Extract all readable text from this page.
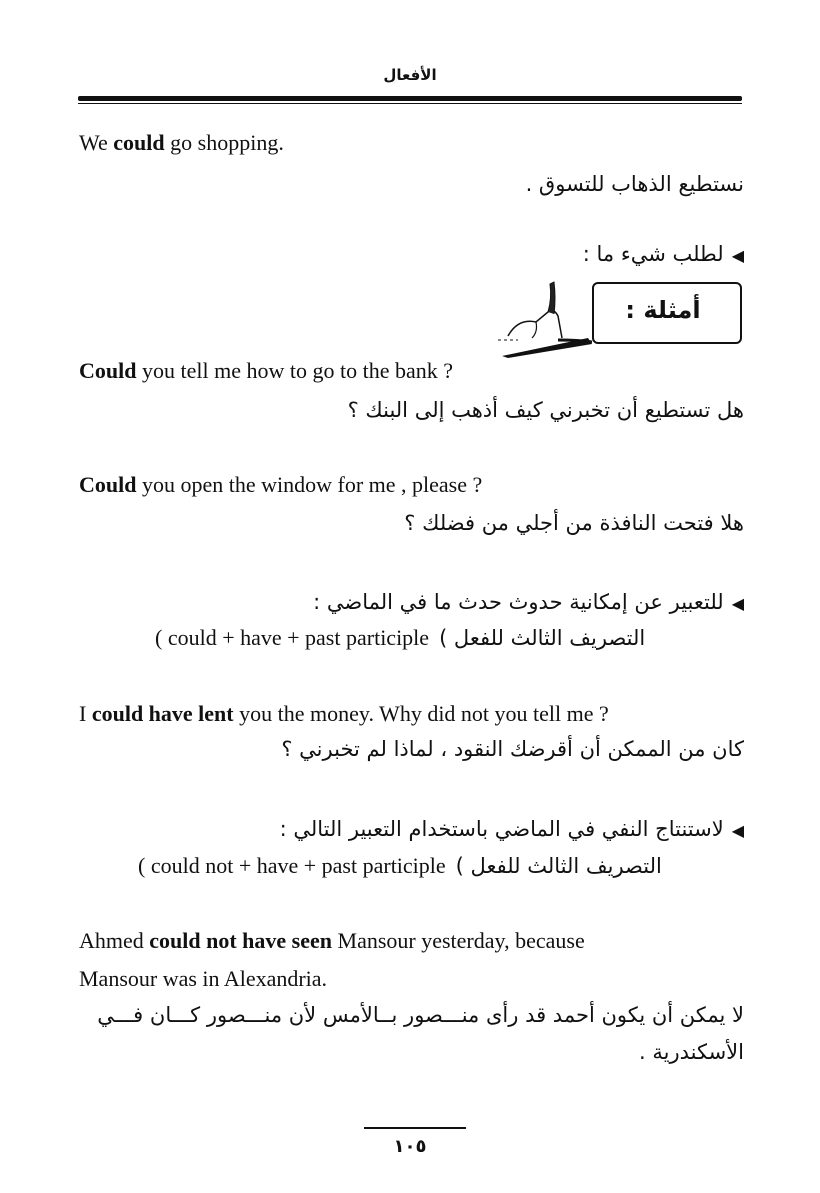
الأفعال
We could go shopping.
نستطيع الذهاب للتسوق .
◀لطلب شيء ما :
أمثلة :
Could you tell me how to go to the bank ?
هل تستطيع أن تخبرني كيف أذهب إلى البنك ؟
Could you open the window for me , please ?
هلا فتحت النافذة من أجلي من فضلك ؟
◀للتعبير عن إمكانية حدوث حدث ما في الماضي :
( could + have + past participle التصريف الثالث للفعل )
I could have lent you the money. Why did not you tell me ?
كان من الممكن أن أقرضك النقود ، لماذا لم تخبرني ؟
◀لاستنتاج النفي في الماضي باستخدام التعبير التالي :
( could not + have + past participle التصريف الثالث للفعل )
Ahmed could not have seen Mansour yesterday, because
Mansour was in Alexandria.
لا يمكن أن يكون أحمد قد رأى منـــصور بــالأمس لأن منـــصور كـــان فـــي
الأسكندرية .
١٠٥
